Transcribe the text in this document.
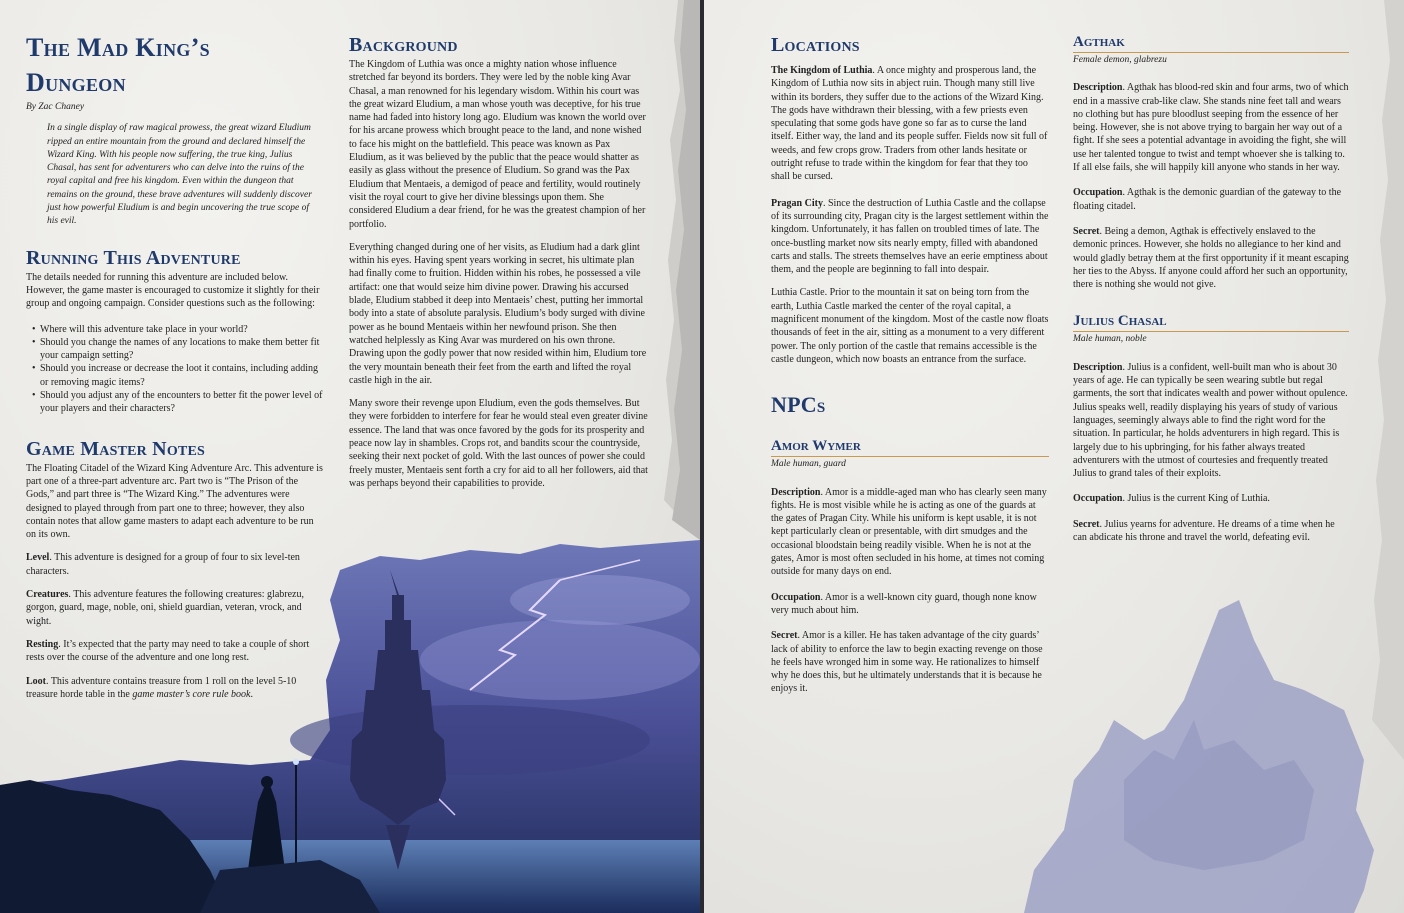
The Mad King’s
Dungeon

By Zac Chaney

In a single display of raw magical prowess, the great wizard Eludium ripped an entire mountain from the ground and declared himself the Wizard King. With his people now suffering, the true king, Julius Chasal, has sent for adventurers who can delve into the ruins of the royal capital and free his kingdom. Even within the dungeon that remains on the ground, these brave adventures will suddenly discover just how powerful Eludium is and begin uncovering the true scope of his evil.

Running This Adventure

The details needed for running this adventure are included below. However, the game master is encouraged to customize it slightly for their group and ongoing campaign. Consider questions such as the following:

• Where will this adventure take place in your world?
• Should you change the names of any locations to make them better fit your campaign setting?
• Should you increase or decrease the loot it contains, including adding or removing magic items?
• Should you adjust any of the encounters to better fit the power level of your players and their characters?
Game Master Notes

The Floating Citadel of the Wizard King Adventure Arc. This adventure is part one of a three-part adventure arc. Part two is “The Prison of the Gods,” and part three is “The Wizard King.” The adventures were designed to played through from part one to three; however, they also contain notes that allow game masters to adapt each adventure to be run on its own.

Level. This adventure is designed for a group of four to six level-ten characters.

Creatures. This adventure features the following creatures: glabrezu, gorgon, guard, mage, noble, oni, shield guardian, veteran, vrock, and wight.

Resting. It’s expected that the party may need to take a couple of short rests over the course of the adventure and one long rest.

Loot. This adventure contains treasure from 1 roll on the level 5-10 treasure horde table in the game master’s core rule book.

Background

The Kingdom of Luthia was once a mighty nation whose influence stretched far beyond its borders. They were led by the noble king Avar Chasal, a man renowned for his legendary wisdom. Within his court was the great wizard Eludium, a man whose youth was deceptive, for his true name had faded into history long ago. Eludium was known the world over for his arcane prowess which brought peace to the land, and none wished to face his might on the battlefield. This peace was known as Pax Eludium, as it was believed by the public that the peace would shatter as easily as glass without the presence of Eludium. So grand was the Pax Eludium that Mentaeis, a demigod of peace and fertility, would routinely visit the royal court to give her divine blessings upon them. She considered Eludium a dear friend, for he was the greatest champion of her portfolio.

Everything changed during one of her visits, as Eludium had a dark glint within his eyes. Having spent years working in secret, his ultimate plan had finally come to fruition. Hidden within his robes, he possessed a vile artifact: one that would seize him divine power. Drawing his accursed blade, Eludium stabbed it deep into Mentaeis’ chest, putting her immortal body into a state of absolute paralysis. Eludium’s body surged with divine power as he bound Mentaeis within her newfound prison. She then watched helplessly as King Avar was murdered on his own throne. Drawing upon the godly power that now resided within him, Eludium tore the very mountain beneath their feet from the earth and lifted the royal castle high in the air.

Many swore their revenge upon Eludium, even the gods themselves. But they were forbidden to interfere for fear he would steal even greater divine essence. The land that was once favored by the gods for its prosperity and peace now lay in shambles. Crops rot, and bandits scour the countryside, seeking their next pocket of gold. With the last ounces of power she could freely muster, Mentaeis sent forth a cry for aid to all her followers, aid that was perhaps beyond their capabilities to provide.

Locations

The Kingdom of Luthia. A once mighty and prosperous land, the Kingdom of Luthia now sits in abject ruin. Though many still live within its borders, they suffer due to the actions of the Wizard King. The gods have withdrawn their blessing, with a few priests even speculating that some gods have gone so far as to curse the land itself. Either way, the land and its people suffer. Fields now sit full of weeds, and few crops grow. Traders from other lands hesitate or outright refuse to trade within the kingdom for fear that they too shall be cursed.

Pragan City. Since the destruction of Luthia Castle and the collapse of its surrounding city, Pragan city is the largest settlement within the kingdom. Unfortunately, it has fallen on troubled times of late. The once-bustling market now sits nearly empty, filled with abandoned carts and stalls. The streets themselves have an eerie emptiness about them, and the people are beginning to fall into despair.

Luthia Castle. Prior to the mountain it sat on being torn from the earth, Luthia Castle marked the center of the royal capital, a magnificent monument of the kingdom. Most of the castle now floats thousands of feet in the air, sitting as a monument to a very different power. The only portion of the castle that remains accessible is the castle dungeon, which now boasts an entrance from the surface.

NPCs
Amor Wymer

Male human, guard

Description. Amor is a middle-aged man who has clearly seen many fights. He is most visible while he is acting as one of the guards at the gates of Pragan City. While his uniform is kept usable, it is not kept particularly clean or presentable, with dirt smudges and the occasional bloodstain being readily visible. When he is not at the gates, Amor is most often secluded in his home, at times not coming outside for many days on end.

Occupation. Amor is a well-known city guard, though none know very much about him.

Secret. Amor is a killer. He has taken advantage of the city guards’ lack of ability to enforce the law to begin exacting revenge on those he feels have wronged him in some way. He rationalizes to himself why he does this, but he ultimately understands that it is because he enjoys it.

Agthak

Female demon, glabrezu

Description. Agthak has blood-red skin and four arms, two of which end in a massive crab-like claw. She stands nine feet tall and wears no clothing but has pure bloodlust seeping from the essence of her being. However, she is not above trying to bargain her way out of a fight. If she sees a potential advantage in avoiding the fight, she will use her talented tongue to twist and tempt whoever she is talking to. If all else fails, she will happily kill anyone who stands in her way.

Occupation. Agthak is the demonic guardian of the gateway to the floating citadel.

Secret. Being a demon, Agthak is effectively enslaved to the demonic princes. However, she holds no allegiance to her kind and would gladly betray them at the first opportunity if it meant escaping her ties to the Abyss. If anyone could afford her such an opportunity, there is nothing she would not give.

Julius Chasal

Male human, noble

Description. Julius is a confident, well-built man who is about 30 years of age. He can typically be seen wearing subtle but regal garments, the sort that indicates wealth and power without opulence. Julius speaks well, readily displaying his years of study of various languages, seemingly always able to find the right word for the situation. In particular, he holds adventurers in high regard. This is largely due to his upbringing, for his father always treated adventurers with the utmost of courtesies and frequently treated Julius to grand tales of their exploits.

Occupation. Julius is the current King of Luthia.

Secret. Julius yearns for adventure. He dreams of a time when he can abdicate his throne and travel the world, defeating evil.
